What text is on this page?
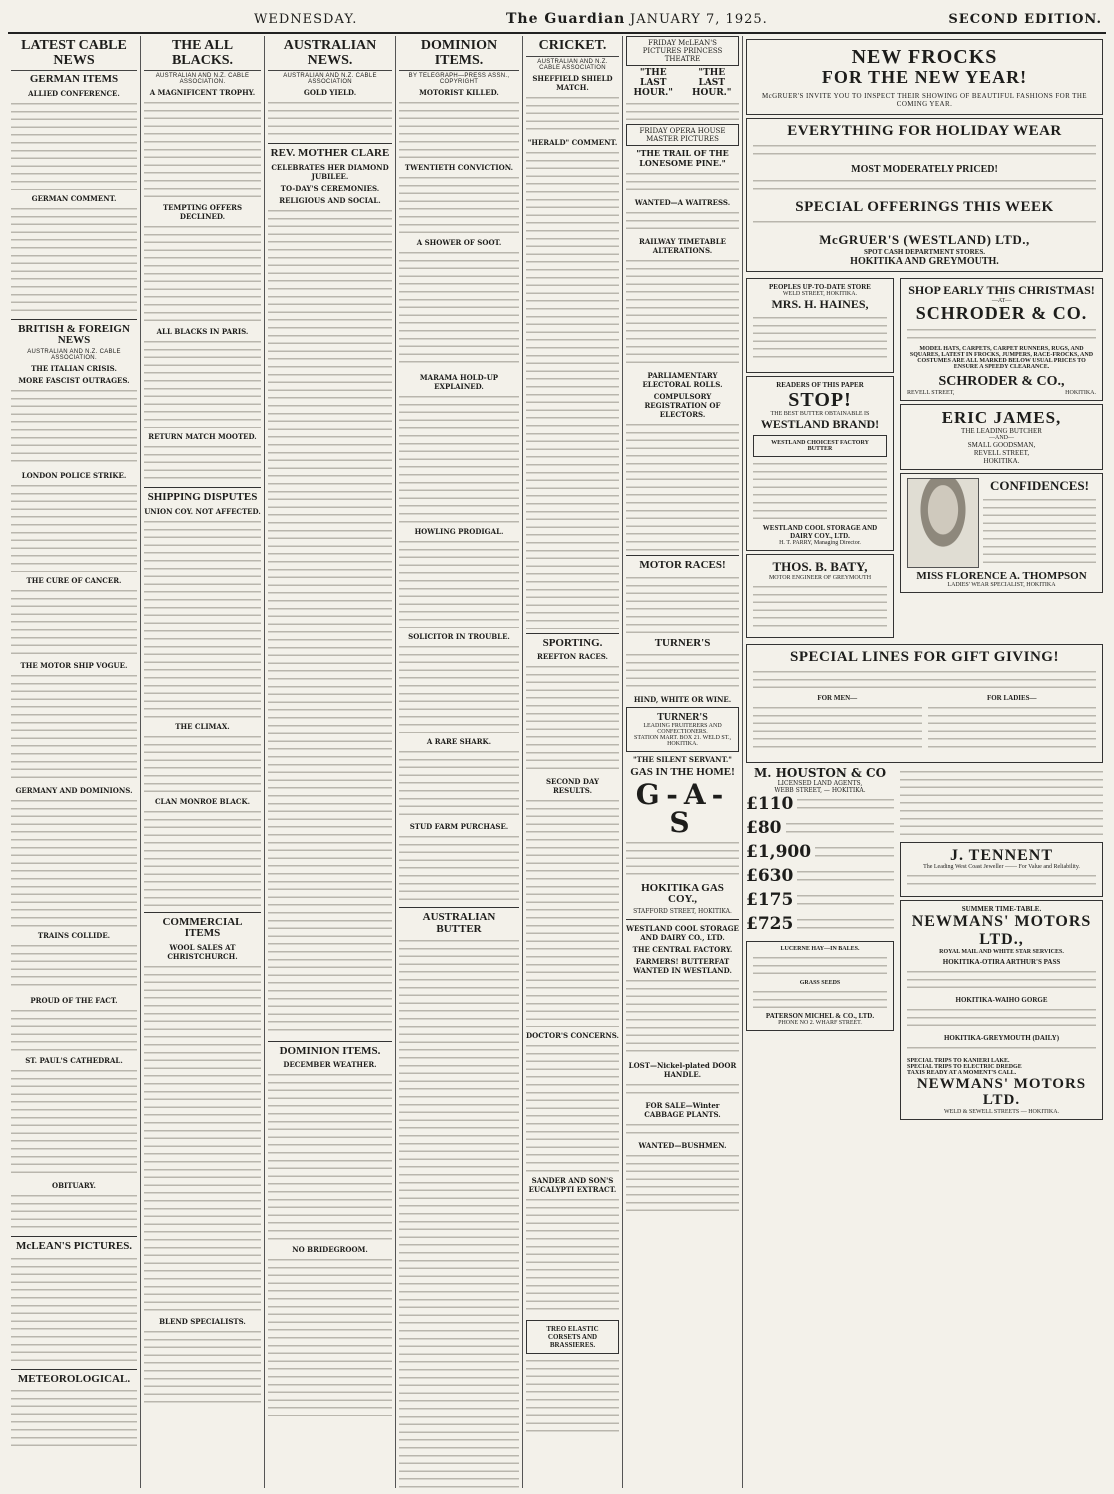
WEDNESDAY.	The Guardian JANUARY 7, 1925.	SECOND EDITION.
LATEST CABLE NEWS
GERMAN ITEMS
ALLIED CONFERENCE.
GERMAN COMMENT.
BRITISH & FOREIGN NEWS
AUSTRALIAN AND N.Z. CABLE ASSOCIATION.
THE ITALIAN CRISIS.
MORE FASCIST OUTRAGES.
LONDON POLICE STRIKE.
THE CURE OF CANCER.
THE MOTOR SHIP VOGUE.
GERMANY AND DOMINIONS.
TRAINS COLLIDE.
PROUD OF THE FACT.
ST. PAUL'S CATHEDRAL.
OBITUARY.
McLEAN'S PICTURES.
METEOROLOGICAL.
THE ALL BLACKS.
AUSTRALIAN AND N.Z. CABLE ASSOCIATION.
A MAGNIFICENT TROPHY.
TEMPTING OFFERS DECLINED.
ALL BLACKS IN PARIS.
RETURN MATCH MOOTED.
SHIPPING DISPUTES
UNION COY. NOT AFFECTED.
THE CLIMAX.
CLAN MONROE BLACK.
COMMERCIAL ITEMS
WOOL SALES AT CHRISTCHURCH.
BLEND SPECIALISTS.
AUSTRALIAN NEWS.
AUSTRALIAN AND N.Z. CABLE ASSOCIATION
GOLD YIELD.
REV. MOTHER CLARE
CELEBRATES HER DIAMOND JUBILEE.
TO-DAY'S CEREMONIES.
RELIGIOUS AND SOCIAL.
DOMINION ITEMS.
DECEMBER WEATHER.
NO BRIDEGROOM.
DOMINION ITEMS.
BY TELEGRAPH—PRESS ASSN., COPYRIGHT
MOTORIST KILLED.
TWENTIETH CONVICTION.
A SHOWER OF SOOT.
MARAMA HOLD-UP EXPLAINED.
HOWLING PRODIGAL.
SOLICITOR IN TROUBLE.
A RARE SHARK.
STUD FARM PURCHASE.
AUSTRALIAN BUTTER
CRICKET.
AUSTRALIAN AND N.Z. CABLE ASSOCIATION
SHEFFIELD SHIELD MATCH.
"HERALD" COMMENT.
SPORTING.
REEFTON RACES.
SECOND DAY RESULTS.
DOCTOR'S CONCERNS.
SANDER AND SON'S EUCALYPTI EXTRACT.
TREO ELASTIC CORSETS AND BRASSIERES.
FRIDAY McLEAN'S PICTURES PRINCESS THEATRE
"THE LAST HOUR."
"THE LAST HOUR."
FRIDAY OPERA HOUSE MASTER PICTURES
"THE TRAIL OF THE LONESOME PINE."
WANTED—A WAITRESS.
RAILWAY TIMETABLE ALTERATIONS.
PARLIAMENTARY ELECTORAL ROLLS.
COMPULSORY REGISTRATION OF ELECTORS.
MOTOR RACES!
TURNER'S
HIND, WHITE OR WINE.
TURNER'S
LEADING FRUITERERS AND CONFECTIONERS.
STATION MART. BOX 21. WELD ST., HOKITIKA.
"THE SILENT SERVANT."
GAS IN THE HOME!
G-A-S
HOKITIKA GAS COY.,
STAFFORD STREET, HOKITIKA.
WESTLAND COOL STORAGE AND DAIRY CO., LTD.
THE CENTRAL FACTORY.
FARMERS! BUTTERFAT WANTED IN WESTLAND.
LOST—Nickel-plated DOOR HANDLE.
FOR SALE—Winter CABBAGE PLANTS.
WANTED—BUSHMEN.
NEW FROCKS
FOR THE NEW YEAR!
McGRUER'S INVITE YOU TO INSPECT THEIR SHOWING OF BEAUTIFUL FASHIONS FOR THE COMING YEAR.
EVERYTHING FOR HOLIDAY WEAR
MOST MODERATELY PRICED!
SPECIAL OFFERINGS THIS WEEK
McGRUER'S (WESTLAND) LTD.,
SPOT CASH DEPARTMENT STORES.
HOKITIKA AND GREYMOUTH.
PEOPLES UP-TO-DATE STORE
WELD STREET, HOKITIKA.
MRS. H. HAINES,
READERS OF THIS PAPER
STOP!
THE BEST BUTTER OBTAINABLE IS
WESTLAND BRAND!
WESTLAND CHOICEST FACTORY BUTTER
WESTLAND COOL STORAGE AND DAIRY COY., LTD.
H. T. PARRY, Managing Director.
THOS. B. BATY,
MOTOR ENGINEER OF GREYMOUTH
SHOP EARLY THIS CHRISTMAS!
—AT—
SCHRODER & CO.
MODEL HATS, CARPETS, CARPET RUNNERS, RUGS, AND SQUARES, LATEST IN FROCKS, JUMPERS, RACE-FROCKS, AND COSTUMES ARE ALL MARKED BELOW USUAL PRICES TO ENSURE A SPEEDY CLEARANCE.
SCHRODER & CO.,
REVELL STREET,	HOKITIKA.
ERIC JAMES,
THE LEADING BUTCHER
—AND—
SMALL GOODSMAN,
REVELL STREET,
HOKITIKA.
CONFIDENCES!
MISS FLORENCE A. THOMPSON
LADIES' WEAR SPECIALIST, HOKITIKA
SPECIAL LINES FOR GIFT GIVING!
FOR MEN—	FOR LADIES—
M. HOUSTON & CO
LICENSED LAND AGENTS,
WEBB STREET, — HOKITIKA.
£110
£80
£1,900
£630
£175
£725
LUCERNE HAY—IN BALES.
GRASS SEEDS
PATERSON MICHEL & CO., LTD.
PHONE NO 2. WHARF STREET.
J. TENNENT
The Leading West Coast Jeweller —— For Value and Reliability.
SUMMER TIME-TABLE.
NEWMANS' MOTORS LTD.,
ROYAL MAIL AND WHITE STAR SERVICES.
HOKITIKA-OTIRA ARTHUR'S PASS
HOKITIKA-WAIHO GORGE
HOKITIKA-GREYMOUTH (DAILY)
SPECIAL TRIPS TO KANIERI LAKE.
SPECIAL TRIPS TO ELECTRIC DREDGE
TAXIS READY AT A MOMENT'S CALL.
NEWMANS' MOTORS LTD.
WELD & SEWELL STREETS — HOKITIKA.
